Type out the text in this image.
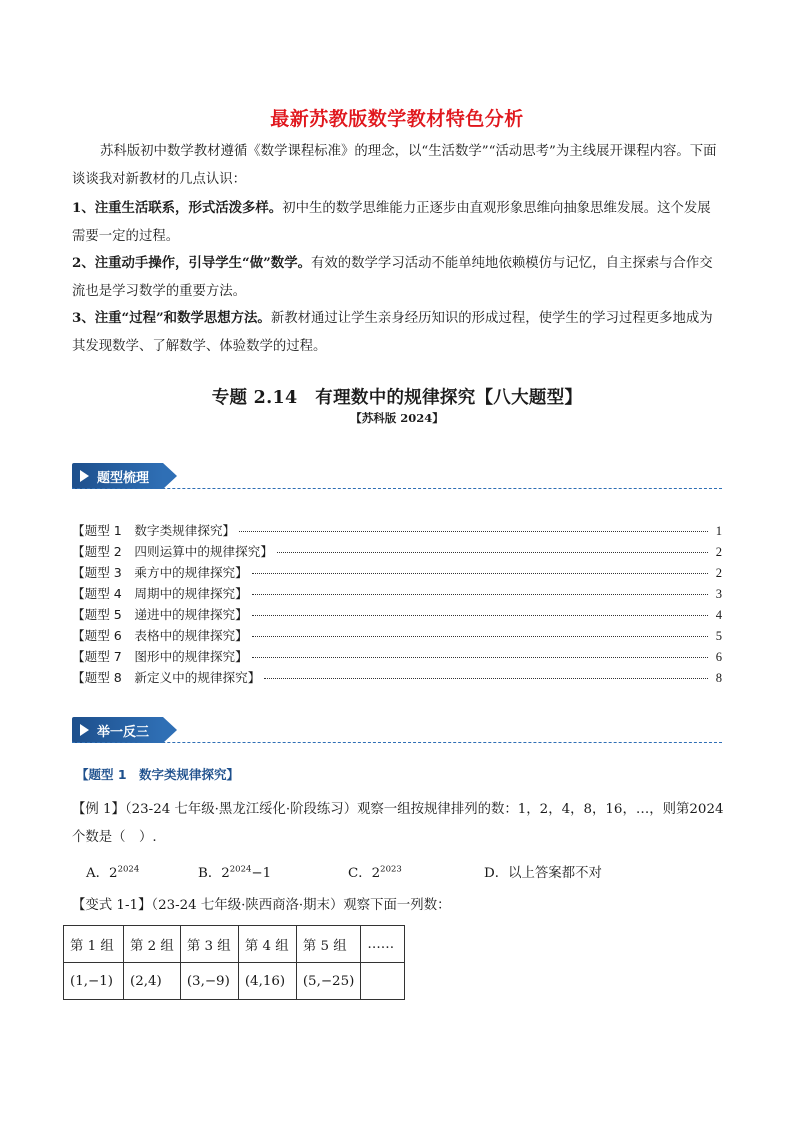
最新苏教版数学教材特色分析
苏科版初中数学教材遵循《数学课程标准》的理念，以“生活数学”“活动思考”为主线展开课程内容。下面谈谈我对新教材的几点认识：
1、注重生活联系，形式活泼多样。初中生的数学思维能力正逐步由直观形象思维向抽象思维发展。这个发展需要一定的过程。
2、注重动手操作，引导学生“做”数学。有效的数学学习活动不能单纯地依赖模仿与记忆，自主探索与合作交流也是学习数学的重要方法。
3、注重“过程”和数学思想方法。新教材通过让学生亲身经历知识的形成过程，使学生的学习过程更多地成为其发现数学、了解数学、体验数学的过程。
专题 2.14　有理数中的规律探究【八大题型】
【苏科版 2024】
题型梳理
【题型 1　数字类规律探究】	1
【题型 2　四则运算中的规律探究】	2
【题型 3　乘方中的规律探究】	2
【题型 4　周期中的规律探究】	3
【题型 5　递进中的规律探究】	4
【题型 6　表格中的规律探究】	5
【题型 7　图形中的规律探究】	6
【题型 8　新定义中的规律探究】	8
举一反三
【题型 1　数字类规律探究】
【例 1】（23-24 七年级·黑龙江绥化·阶段练习）观察一组按规律排列的数：1，2，4，8，16，…，则第2024个数是（　）.
A．$2^{2024}$	B．$2^{2024}-1$	C．$2^{2023}$	D．以上答案都不对
【变式 1-1】（23-24 七年级·陕西商洛·期末）观察下面一列数：
第 1 组	第 2 组	第 3 组	第 4 组	第 5 组	……
(1,−1)	(2,4)	(3,−9)	(4,16)	(5,−25)	
